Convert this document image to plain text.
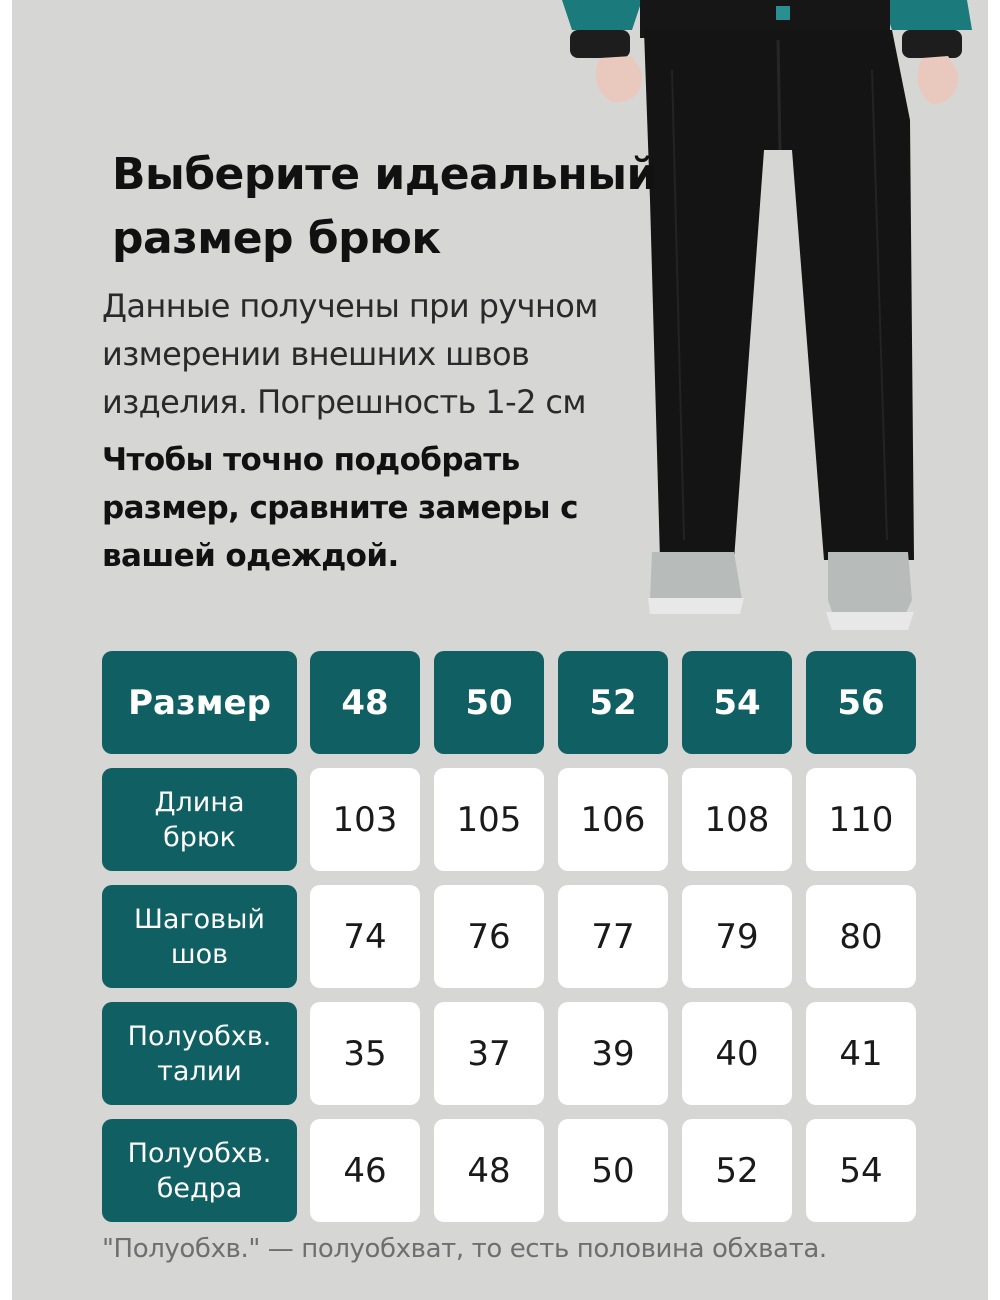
Выберите идеальный размер брюк
Данные получены при ручном измерении внешних швов изделия. Погрешность 1-2 см
Чтобы точно подобрать размер, сравните замеры с вашей одеждой.
Размер	48	50	52	54	56
Длина брюк	103	105	106	108	110
Шаговый шов	74	76	77	79	80
Полуобхв. талии	35	37	39	40	41
Полуобхв. бедра	46	48	50	52	54
"Полуобхв." — полуобхват, то есть половина обхвата.
